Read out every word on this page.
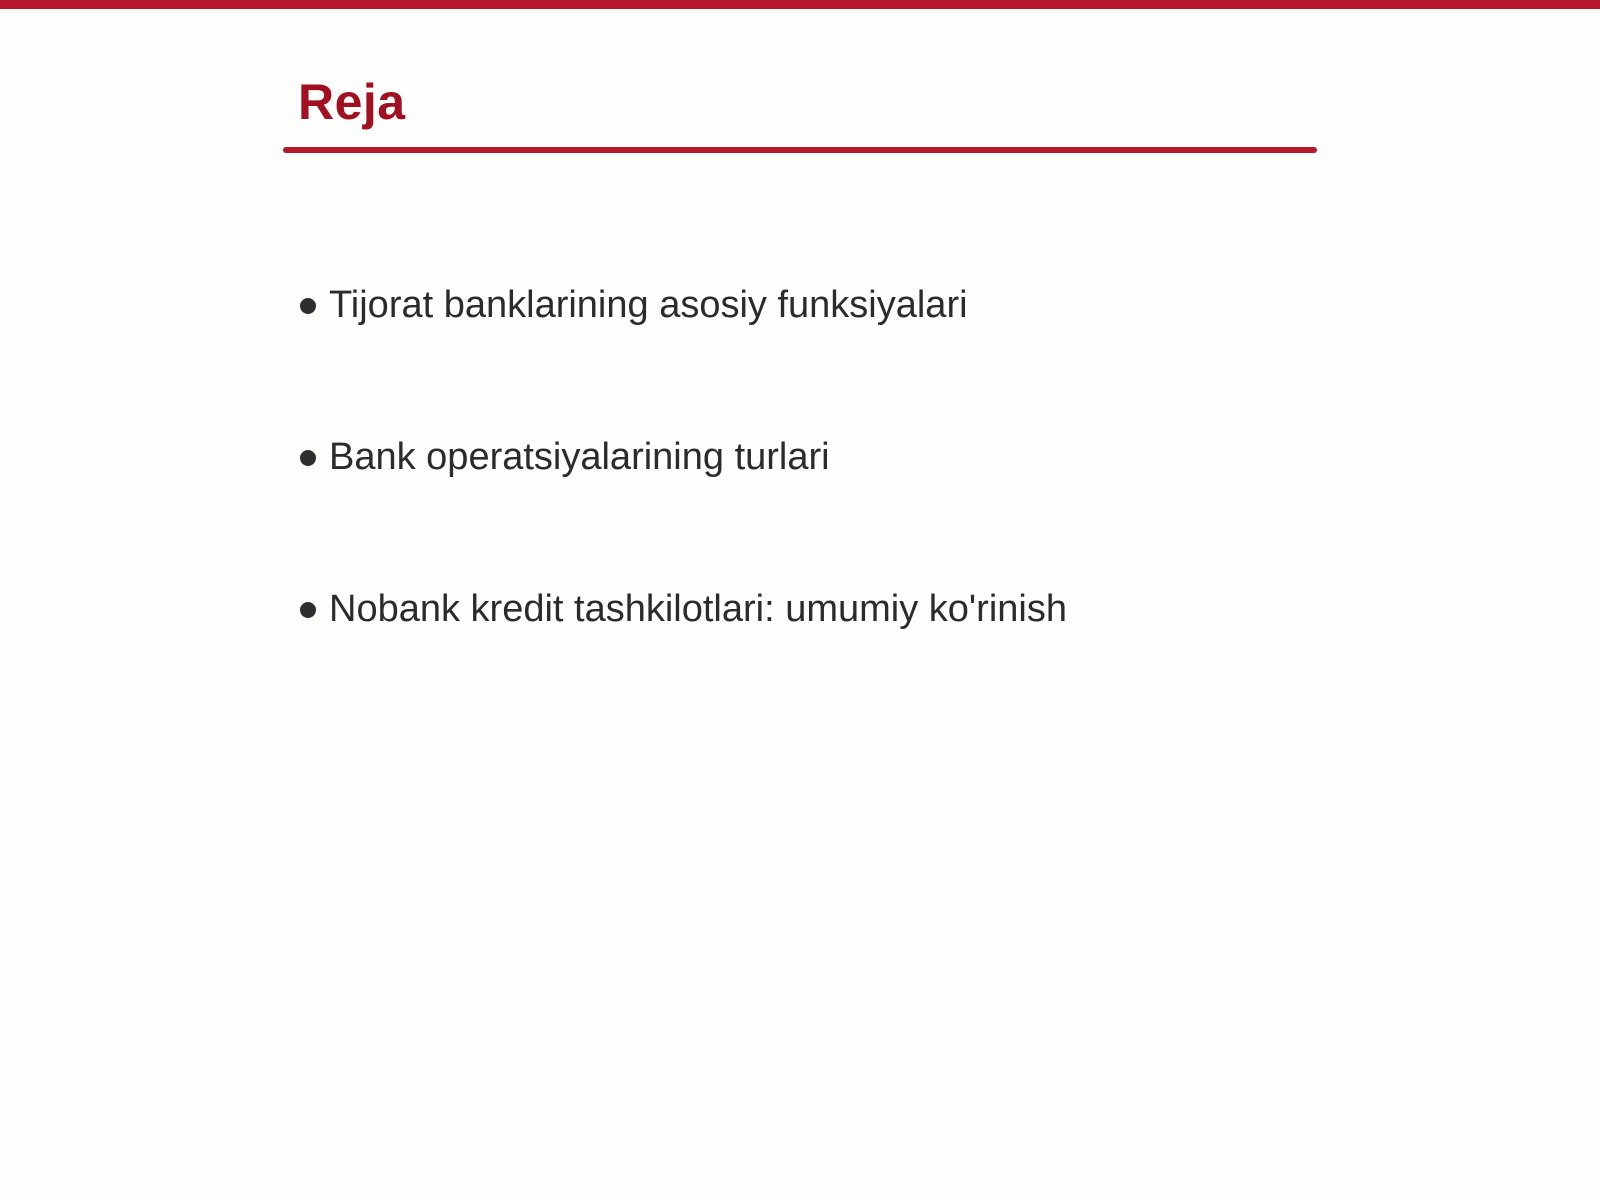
Reja
Tijorat banklarining asosiy funksiyalari
Bank operatsiyalarining turlari
Nobank kredit tashkilotlari: umumiy ko'rinish
